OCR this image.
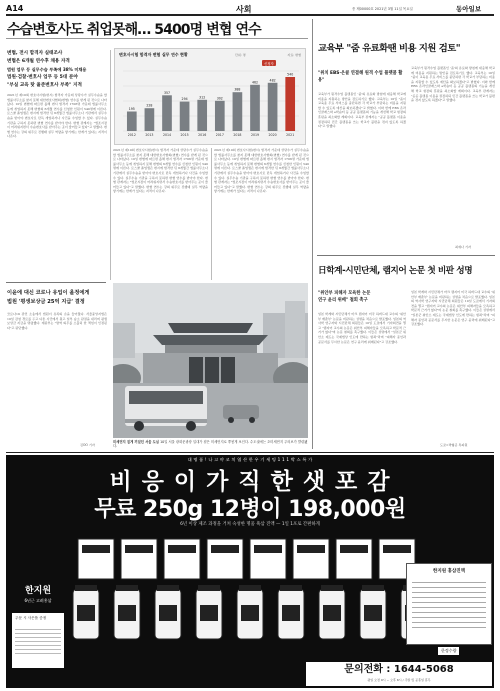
A14	사회	종 제00000호 2021년 3월 11일 목요일	동아일보
수습변호사도 취업못해… 5400명 변협 연수
변협, 전시 합격자 실태조사
변협은 6개월 연수후 채용 자격
법원 업무 등 실무수습 부족에 38% 미채용
법원·검찰·변호사 업무 등 5대 분야
"부실 교육 탓 율준변호사 부족" 지적

2021년 제10회 변호사시험(변시) 합격자 가운데 상당수가 실무수습을 할 법률사무소를 찾지 못해 대한변호사협회(변협) 연수를 받게 된 것으로 나타났다. 10일 변협에 따르면 올해 변시 합격자 1706명 가운데 법률사무소 등에 취업하지 못해 변협의 6개월 연수를 신청한 인원이 540명에 이른다. 로스쿨 졸업생은 변시에 합격한 뒤 6개월간 법률사무소나 기관에서 실무수습을 받아야 변호사로 단독 개업하거나 사건을 수임할 수 있다. 실무수습 기관을 구하지 못하면 변협 연수를 받아야 한다. 변협 관계자는 "법조시장이 어려워지면서 수습변호사를 받아주는 곳이 줄어들고 있다"고 말했다. 변협 연수는 강의 위주로 진행돼 실무 역량을 쌓기에는 한계가 있다는 지적이 나온다.

2021년 제10회 변호사시험(변시) 합격자 가운데 상당수가 실무수습을 할 법률사무소를 찾지 못해 대한변호사협회(변협) 연수를 받게 된 것으로 나타났다. 10일 변협에 따르면 올해 변시 합격자 1706명 가운데 법률사무소 등에 취업하지 못해 변협의 6개월 연수를 신청한 인원이 540명에 이른다. 로스쿨 졸업생은 변시에 합격한 뒤 6개월간 법률사무소나 기관에서 실무수습을 받아야 변호사로 단독 개업하거나 사건을 수임할 수 있다. 실무수습 기관을 구하지 못하면 변협 연수를 받아야 한다. 변협 관계자는 "법조시장이 어려워지면서 수습변호사를 받아주는 곳이 줄어들고 있다"고 말했다. 변협 연수는 강의 위주로 진행돼 실무 역량을 쌓기에는 한계가 있다는 지적이 나온다.

2021년 제10회 변호사시험(변시) 합격자 가운데 상당수가 실무수습을 할 법률사무소를 찾지 못해 대한변호사협회(변협) 연수를 받게 된 것으로 나타났다. 10일 변협에 따르면 올해 변시 합격자 1706명 가운데 법률사무소 등에 취업하지 못해 변협의 6개월 연수를 신청한 인원이 540명에 이른다. 로스쿨 졸업생은 변시에 합격한 뒤 6개월간 법률사무소나 기관에서 실무수습을 받아야 변호사로 단독 개업하거나 사건을 수임할 수 있다. 실무수습 기관을 구하지 못하면 변협 연수를 받아야 한다. 변협 관계자는 "법조시장이 어려워지면서 수습변호사를 받아주는 곳이 줄어들고 있다"고 말했다. 변협 연수는 강의 위주로 진행돼 실무 역량을 쌓기에는 한계가 있다는 지적이 나온다.

변호사시험 합격자 변협 실무 연수 현황	단위: 명	자료: 변협
195
228
357
294	312	302
388
462	482
540
2012	2013	2014	2015	2016	2017	2018	2019	2020	2021
신청자
교육부 "줌 유료화땐 비용 지원 검토"
"위치 EBS·온클 연결해 원격 수업 플랫폼 활용"

교육부가 원격수업 플랫폼인 '줌'의 유료화 방침에 대응해 학교에 비용을 지원하는 방안을 검토하기로 했다. 교육부는 10일 "줌이 교육용 무료 서비스를 중단하면 각 학교가 부담하는 비용을 지원할 수 있도록 예산을 확보하겠다"고 밝혔다. 이와 함께 EBS 온라인클래스와 e학습터 등 공공 플랫폼의 기능을 개선해 학교 현장의 혼란을 최소화할 계획이다. 교육부 관계자는 "공공 플랫폼 이용을 권장하되 민간 플랫폼을 쓰는 학교가 불편을 겪지 않도록 하겠다"고 말했다.

교육부가 원격수업 플랫폼인 '줌'의 유료화 방침에 대응해 학교에 비용을 지원하는 방안을 검토하기로 했다. 교육부는 10일 "줌이 교육용 무료 서비스를 중단하면 각 학교가 부담하는 비용을 지원할 수 있도록 예산을 확보하겠다"고 밝혔다. 이와 함께 EBS 온라인클래스와 e학습터 등 공공 플랫폼의 기능을 개선해 학교 현장의 혼란을 최소화할 계획이다. 교육부 관계자는 "공공 플랫폼 이용을 권장하되 민간 플랫폼을 쓰는 학교가 불편을 겪지 않도록 하겠다"고 말했다.

최예나 기자
日학계-시민단체, 램지어 논문 첫 비판 성명
"위안부 피해자 모욕한 논문
연구 윤리 위배" 철회 촉구

일본 학계와 시민단체가 마크 램지어 미국 하버드대 교수의 '위안부 매춘부' 논문을 비판하는 성명을 처음으로 발표했다. 일본의 역사학 연구자와 시민단체 회원들은 10일 도쿄에서 기자회견을 열고 "램지어 교수의 논문은 위안부 피해자들을 모욕하고 학문적 근거가 없다"며 논문 철회를 촉구했다. 이들은 성명에서 "일본군 위안소 제도는 국제법상 인도에 반하는 범죄"라며 "피해자 증언과 공문서를 무시한 논문은 연구 윤리에 위배된다"고 강조했다.

일본 학계와 시민단체가 마크 램지어 미국 하버드대 교수의 '위안부 매춘부' 논문을 비판하는 성명을 처음으로 발표했다. 일본의 역사학 연구자와 시민단체 회원들은 10일 도쿄에서 기자회견을 열고 "램지어 교수의 논문은 위안부 피해자들을 모욕하고 학문적 근거가 없다"며 논문 철회를 촉구했다. 이들은 성명에서 "일본군 위안소 제도는 국제법상 인도에 반하는 범죄"라며 "피해자 증언과 공문서를 무시한 논문은 연구 윤리에 위배된다"고 강조했다.

도쿄=박형준 특파원
이윤에 대신 코로나 유업이 올정에게
법원 '평생보상금 25억 지급' 결정

코로나19 관련 소송에서 법원이 유족의 손을 들어줬다. 서울중앙지법은 10일 감염 경로를 두고 다툰 사건에서 원고 일부 승소 판결을 내리며 평생보상금 지급을 명령했다. 재판부는 "방역 의무를 소홀히 한 책임이 인정된다"고 판단했다.

김OO 기자
미세먼지 짙게 끼었던 서울 도심 10일 서울 광화문광장 일대가 짙은 미세먼지로 뿌옇게 보인다. 수도권에는 초미세먼지 주의보가 발령됐다.
대 명 품 ! 나 고 야 코 치 엽 산 한 우 기 세 팅 1 1 1 박 스 특 가
비 응 이 가 직 한 샛 포 감
무료 250g 12병이 198,000원
6년 이상 제조 과정을 거쳐 숙성한 명품 흑삼 진액 — 1일 1포로 간편하게
한지원
6년근 고려홍삼
주문 시 사은품 증정
한지원 홍삼진액
한정수량
문의전화 : 1644-5068
평일 오전 9시 ~ 오후 6시 / 주말 및 공휴일 휴무
